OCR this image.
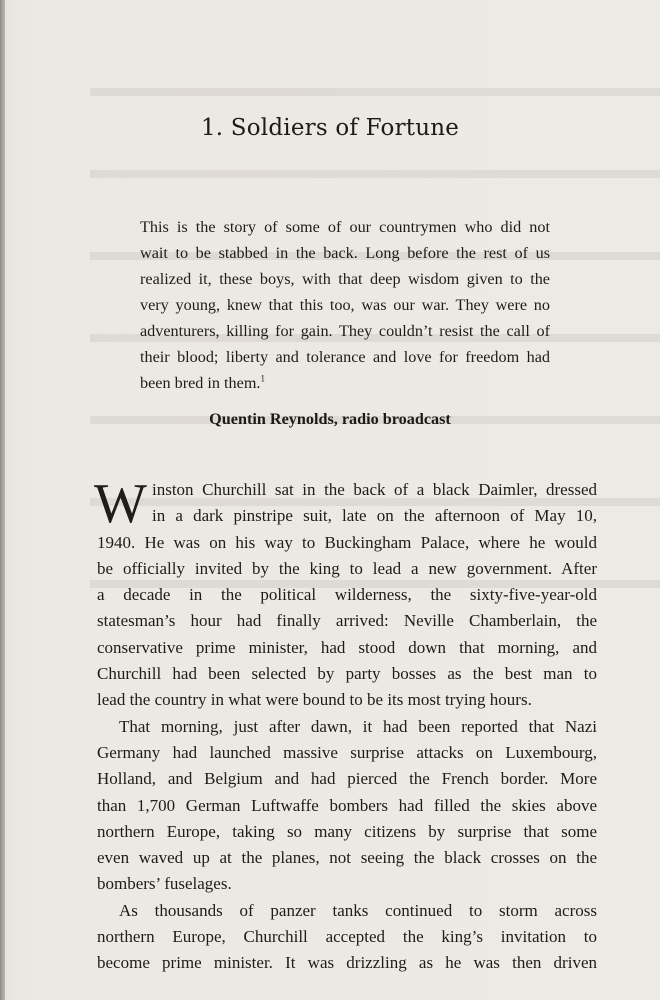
1. Soldiers of Fortune
This is the story of some of our countrymen who did not
wait to be stabbed in the back. Long before the rest of us
realized it, these boys, with that deep wisdom given to the
very young, knew that this too, was our war. They were no
adventurers, killing for gain. They couldn’t resist the call of
their blood; liberty and tolerance and love for freedom had
been bred in them.$^1$
Quentin Reynolds, radio broadcast
W inston Churchill sat in the back of a black Daimler, dressed
in a dark pinstripe suit, late on the afternoon of May 10,
1940. He was on his way to Buckingham Palace, where he would
be officially invited by the king to lead a new government. After
a decade in the political wilderness, the sixty-five-year-old
statesman’s hour had finally arrived: Neville Chamberlain, the
conservative prime minister, had stood down that morning, and
Churchill had been selected by party bosses as the best man to
lead the country in what were bound to be its most trying hours.
That morning, just after dawn, it had been reported that Nazi
Germany had launched massive surprise attacks on Luxembourg,
Holland, and Belgium and had pierced the French border. More
than 1,700 German Luftwaffe bombers had filled the skies above
northern Europe, taking so many citizens by surprise that some
even waved up at the planes, not seeing the black crosses on the
bombers’ fuselages.
As thousands of panzer tanks continued to storm across
northern Europe, Churchill accepted the king’s invitation to
become prime minister. It was drizzling as he was then driven
